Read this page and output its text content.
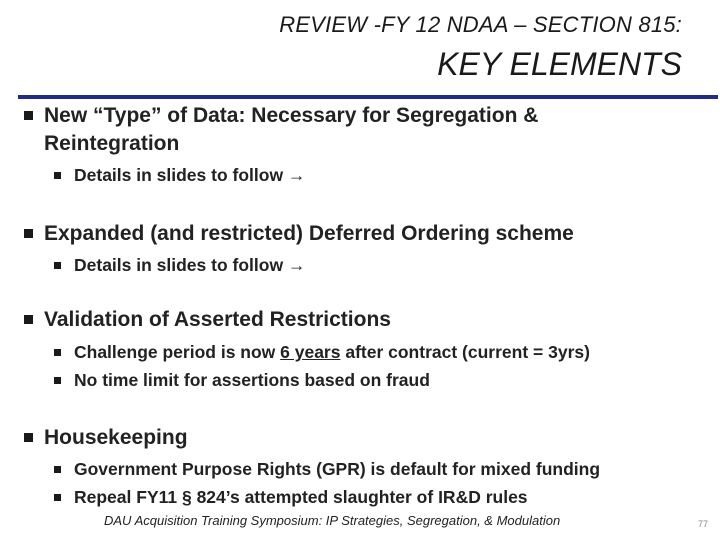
REVIEW -FY 12 NDAA – SECTION 815:
KEY ELEMENTS
New “Type” of Data: Necessary for Segregation & Reintegration
Details in slides to follow →
Expanded (and restricted) Deferred Ordering scheme
Details in slides to follow →
Validation of Asserted Restrictions
Challenge period is now 6 years after contract (current = 3yrs)
No time limit for assertions based on fraud
Housekeeping
Government Purpose Rights (GPR) is default for mixed funding
Repeal FY11 § 824’s attempted slaughter of IR&D rules
DAU Acquisition Training Symposium: IP Strategies, Segregation, & Modulation	77
